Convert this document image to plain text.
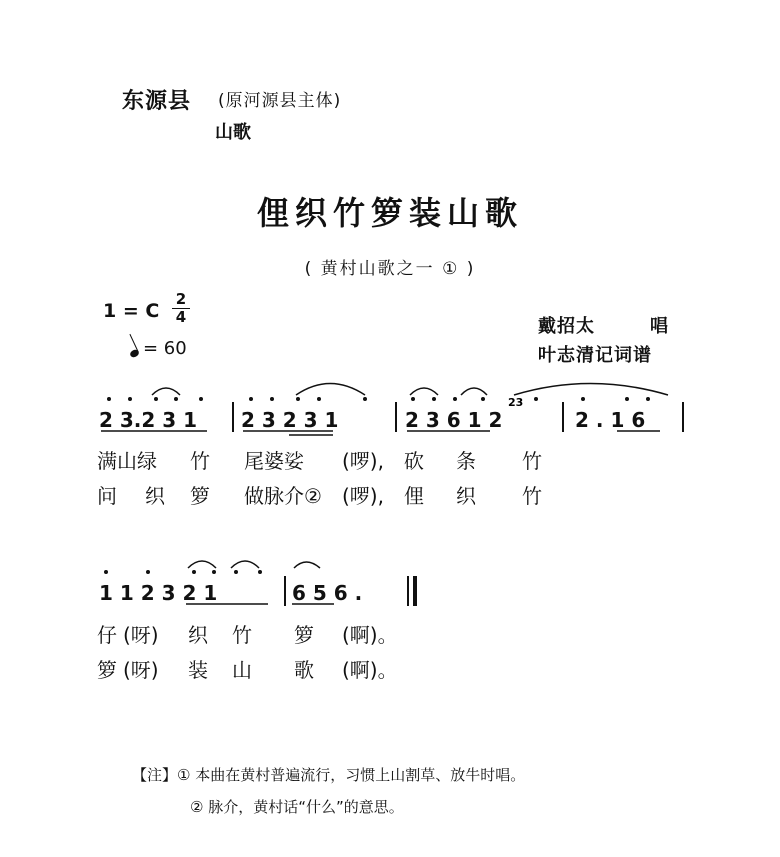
东源县 (原河源县主体)
山歌
俚织竹箩装山歌
( 黄村山歌之一 ① )
1 = C
2
4
= 60
戴招太	唱
叶志清记词谱
2 3.2 3 1 2 3 2 3 1	2 3 6 1 2
23
2 . 1 6
1 1 2 3 2 1	6 5 6 .
满山绿 竹 尾婆娑 (啰), 砍 条 竹
问 织 箩 做脉介② (啰), 俚 织 竹
仔 (呀) 织 竹 箩 (啊)。
箩 (呀) 装 山 歌 (啊)。
【注】① 本曲在黄村普遍流行，习惯上山割草、放牛时唱。
② 脉介，黄村话“什么”的意思。
